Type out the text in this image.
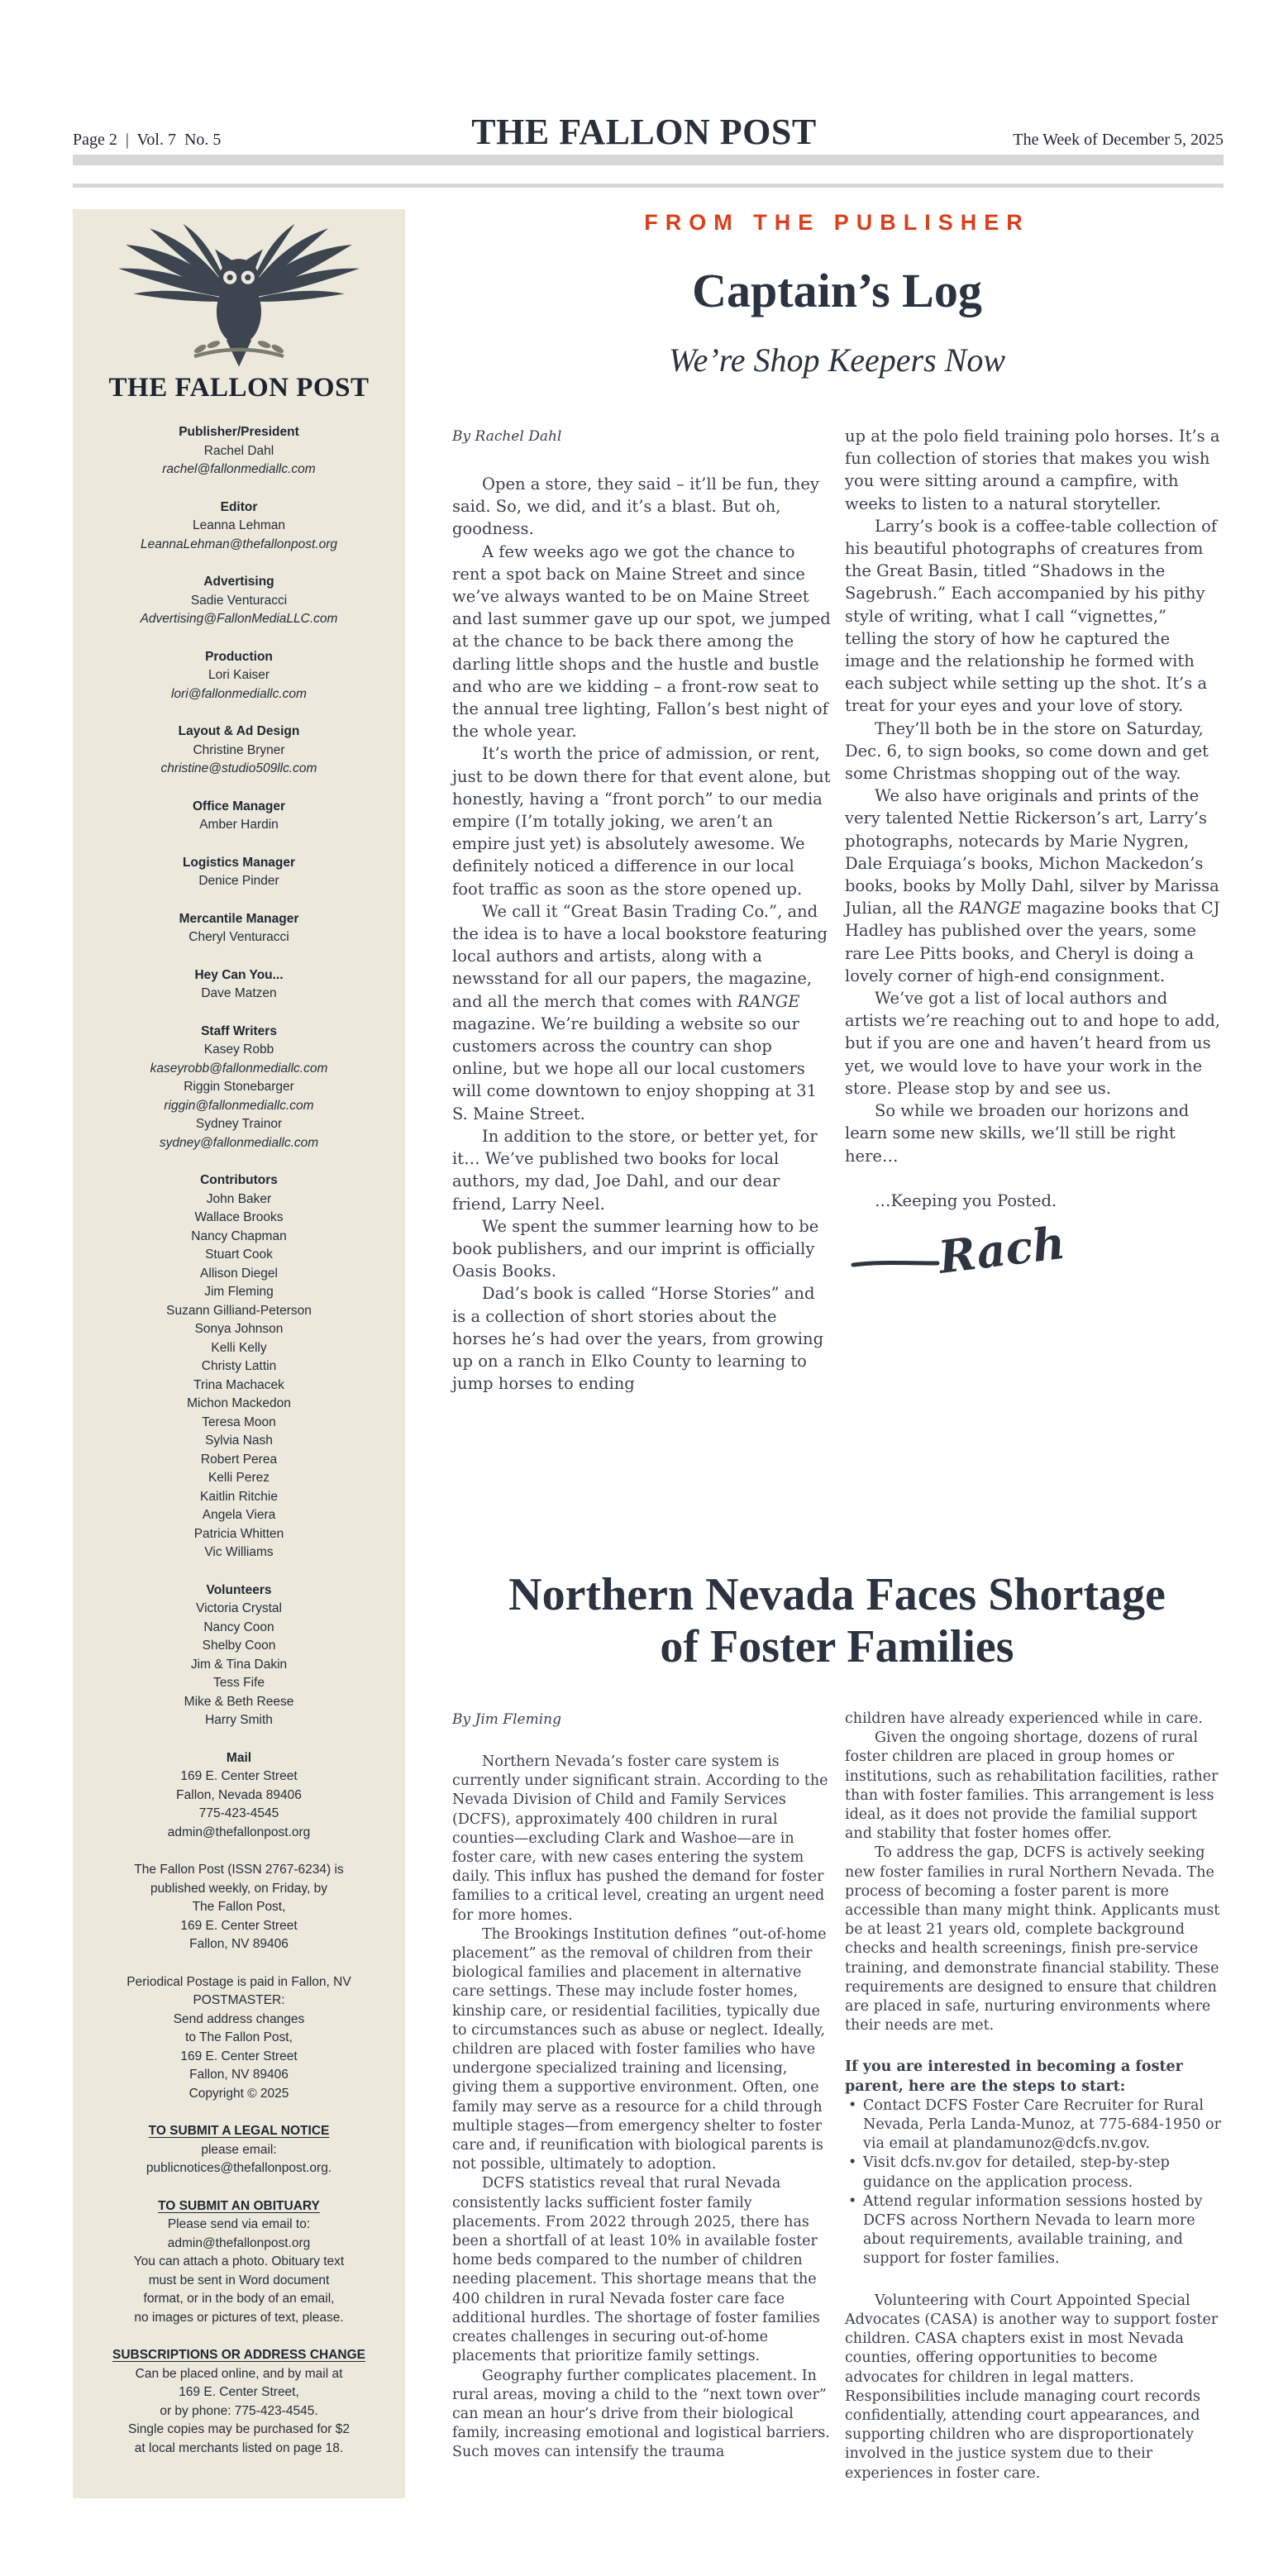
Page 2  |  Vol. 7  No. 5	THE FALLON POST	The Week of December 5, 2025
THE FALLON POST
Publisher/President
Rachel Dahl
rachel@fallonmediallc.com
Editor
Leanna Lehman
LeannaLehman@thefallonpost.org
Advertising
Sadie Venturacci
Advertising@FallonMediaLLC.com
Production
Lori Kaiser
lori@fallonmediallc.com
Layout & Ad Design
Christine Bryner
christine@studio509llc.com
Office Manager
Amber Hardin
Logistics Manager
Denice Pinder
Mercantile Manager
Cheryl Venturacci
Hey Can You...
Dave Matzen
Staff Writers
Kasey Robb
kaseyrobb@fallonmediallc.com
Riggin Stonebarger
riggin@fallonmediallc.com
Sydney Trainor
sydney@fallonmediallc.com
Contributors
John Baker
Wallace Brooks
Nancy Chapman
Stuart Cook
Allison Diegel
Jim Fleming
Suzann Gilliand-Peterson
Sonya Johnson
Kelli Kelly
Christy Lattin
Trina Machacek
Michon Mackedon
Teresa Moon
Sylvia Nash
Robert Perea
Kelli Perez
Kaitlin Ritchie
Angela Viera
Patricia Whitten
Vic Williams
Volunteers
Victoria Crystal
Nancy Coon
Shelby Coon
Jim & Tina Dakin
Tess Fife
Mike & Beth Reese
Harry Smith
Mail
169 E. Center Street
Fallon, Nevada 89406
775-423-4545
admin@thefallonpost.org
The Fallon Post (ISSN 2767-6234) is
published weekly, on Friday, by
The Fallon Post,
169 E. Center Street
Fallon, NV 89406
Periodical Postage is paid in Fallon, NV
POSTMASTER:
Send address changes
to The Fallon Post,
169 E. Center Street
Fallon, NV 89406
Copyright © 2025
TO SUBMIT A LEGAL NOTICE
please email:
publicnotices@thefallonpost.org.
TO SUBMIT AN OBITUARY
Please send via email to:
admin@thefallonpost.org
You can attach a photo. Obituary text
must be sent in Word document
format, or in the body of an email,
no images or pictures of text, please.
SUBSCRIPTIONS OR ADDRESS CHANGE
Can be placed online, and by mail at
169 E. Center Street,
or by phone: 775-423-4545.
Single copies may be purchased for $2
at local merchants listed on page 18.
FROM THE PUBLISHER
Captain’s Log
We’re Shop Keepers Now
By Rachel Dahl

Open a store, they said – it’ll be fun, they said. So, we did, and it’s a blast. But oh, goodness.

A few weeks ago we got the chance to rent a spot back on Maine Street and since we’ve always wanted to be on Maine Street and last summer gave up our spot, we jumped at the chance to be back there among the darling little shops and the hustle and bustle and who are we kidding – a front-row seat to the annual tree lighting, Fallon’s best night of the whole year.

It’s worth the price of admission, or rent, just to be down there for that event alone, but honestly, having a “front porch” to our media empire (I’m totally joking, we aren’t an empire just yet) is absolutely awesome. We definitely noticed a difference in our local foot traffic as soon as the store opened up.

We call it “Great Basin Trading Co.”, and the idea is to have a local bookstore featuring local authors and artists, along with a newsstand for all our papers, the magazine, and all the merch that comes with RANGE magazine. We’re building a website so our customers across the country can shop online, but we hope all our local customers will come downtown to enjoy shopping at 31 S. Maine Street.

In addition to the store, or better yet, for it… We’ve published two books for local authors, my dad, Joe Dahl, and our dear friend, Larry Neel.

We spent the summer learning how to be book publishers, and our imprint is officially Oasis Books.

Dad’s book is called “Horse Stories” and is a collection of short stories about the horses he’s had over the years, from growing up on a ranch in Elko County to learning to jump horses to ending

up at the polo field training polo horses. It’s a fun collection of stories that makes you wish you were sitting around a campfire, with weeks to listen to a natural storyteller.

Larry’s book is a coffee-table collection of his beautiful photographs of creatures from the Great Basin, titled “Shadows in the Sagebrush.” Each accompanied by his pithy style of writing, what I call “vignettes,” telling the story of how he captured the image and the relationship he formed with each subject while setting up the shot. It’s a treat for your eyes and your love of story.

They’ll both be in the store on Saturday, Dec. 6, to sign books, so come down and get some Christmas shopping out of the way.

We also have originals and prints of the very talented Nettie Rickerson’s art, Larry’s photographs, notecards by Marie Nygren, Dale Erquiaga’s books, Michon Mackedon’s books, books by Molly Dahl, silver by Marissa Julian, all the RANGE magazine books that CJ Hadley has published over the years, some rare Lee Pitts books, and Cheryl is doing a lovely corner of high-end consignment.

We’ve got a list of local authors and artists we’re reaching out to and hope to add, but if you are one and haven’t heard from us yet, we would love to have your work in the store. Please stop by and see us.

So while we broaden our horizons and learn some new skills, we’ll still be right here…

…Keeping you Posted.

Rach
Northern Nevada Faces Shortage
of Foster Families
By Jim Fleming

Northern Nevada’s foster care system is currently under significant strain. According to the Nevada Division of Child and Family Services (DCFS), approximately 400 children in rural counties—excluding Clark and Washoe—are in foster care, with new cases entering the system daily. This influx has pushed the demand for foster families to a critical level, creating an urgent need for more homes.

The Brookings Institution defines “out-of-home placement” as the removal of children from their biological families and placement in alternative care settings. These may include foster homes, kinship care, or residential facilities, typically due to circumstances such as abuse or neglect. Ideally, children are placed with foster families who have undergone specialized training and licensing, giving them a supportive environment. Often, one family may serve as a resource for a child through multiple stages—from emergency shelter to foster care and, if reunification with biological parents is not possible, ultimately to adoption.

DCFS statistics reveal that rural Nevada consistently lacks sufficient foster family placements. From 2022 through 2025, there has been a shortfall of at least 10% in available foster home beds compared to the number of children needing placement. This shortage means that the 400 children in rural Nevada foster care face additional hurdles. The shortage of foster families creates challenges in securing out-of-home placements that prioritize family settings.

Geography further complicates placement. In rural areas, moving a child to the “next town over” can mean an hour’s drive from their biological family, increasing emotional and logistical barriers. Such moves can intensify the trauma

children have already experienced while in care.

Given the ongoing shortage, dozens of rural foster children are placed in group homes or institutions, such as rehabilitation facilities, rather than with foster families. This arrangement is less ideal, as it does not provide the familial support and stability that foster homes offer.

To address the gap, DCFS is actively seeking new foster families in rural Northern Nevada. The process of becoming a foster parent is more accessible than many might think. Applicants must be at least 21 years old, complete background checks and health screenings, finish pre-service training, and demonstrate financial stability. These requirements are designed to ensure that children are placed in safe, nurturing environments where their needs are met.

If you are interested in becoming a foster parent, here are the steps to start:

• Contact DCFS Foster Care Recruiter for Rural Nevada, Perla Landa-Munoz, at 775-684-1950 or via email at plandamunoz@dcfs.nv.gov.

• Visit dcfs.nv.gov for detailed, step-by-step guidance on the application process.

• Attend regular information sessions hosted by DCFS across Northern Nevada to learn more about requirements, available training, and support for foster families.

Volunteering with Court Appointed Special Advocates (CASA) is another way to support foster children. CASA chapters exist in most Nevada counties, offering opportunities to become advocates for children in legal matters. Responsibilities include managing court records confidentially, attending court appearances, and supporting children who are disproportionately involved in the justice system due to their experiences in foster care.
